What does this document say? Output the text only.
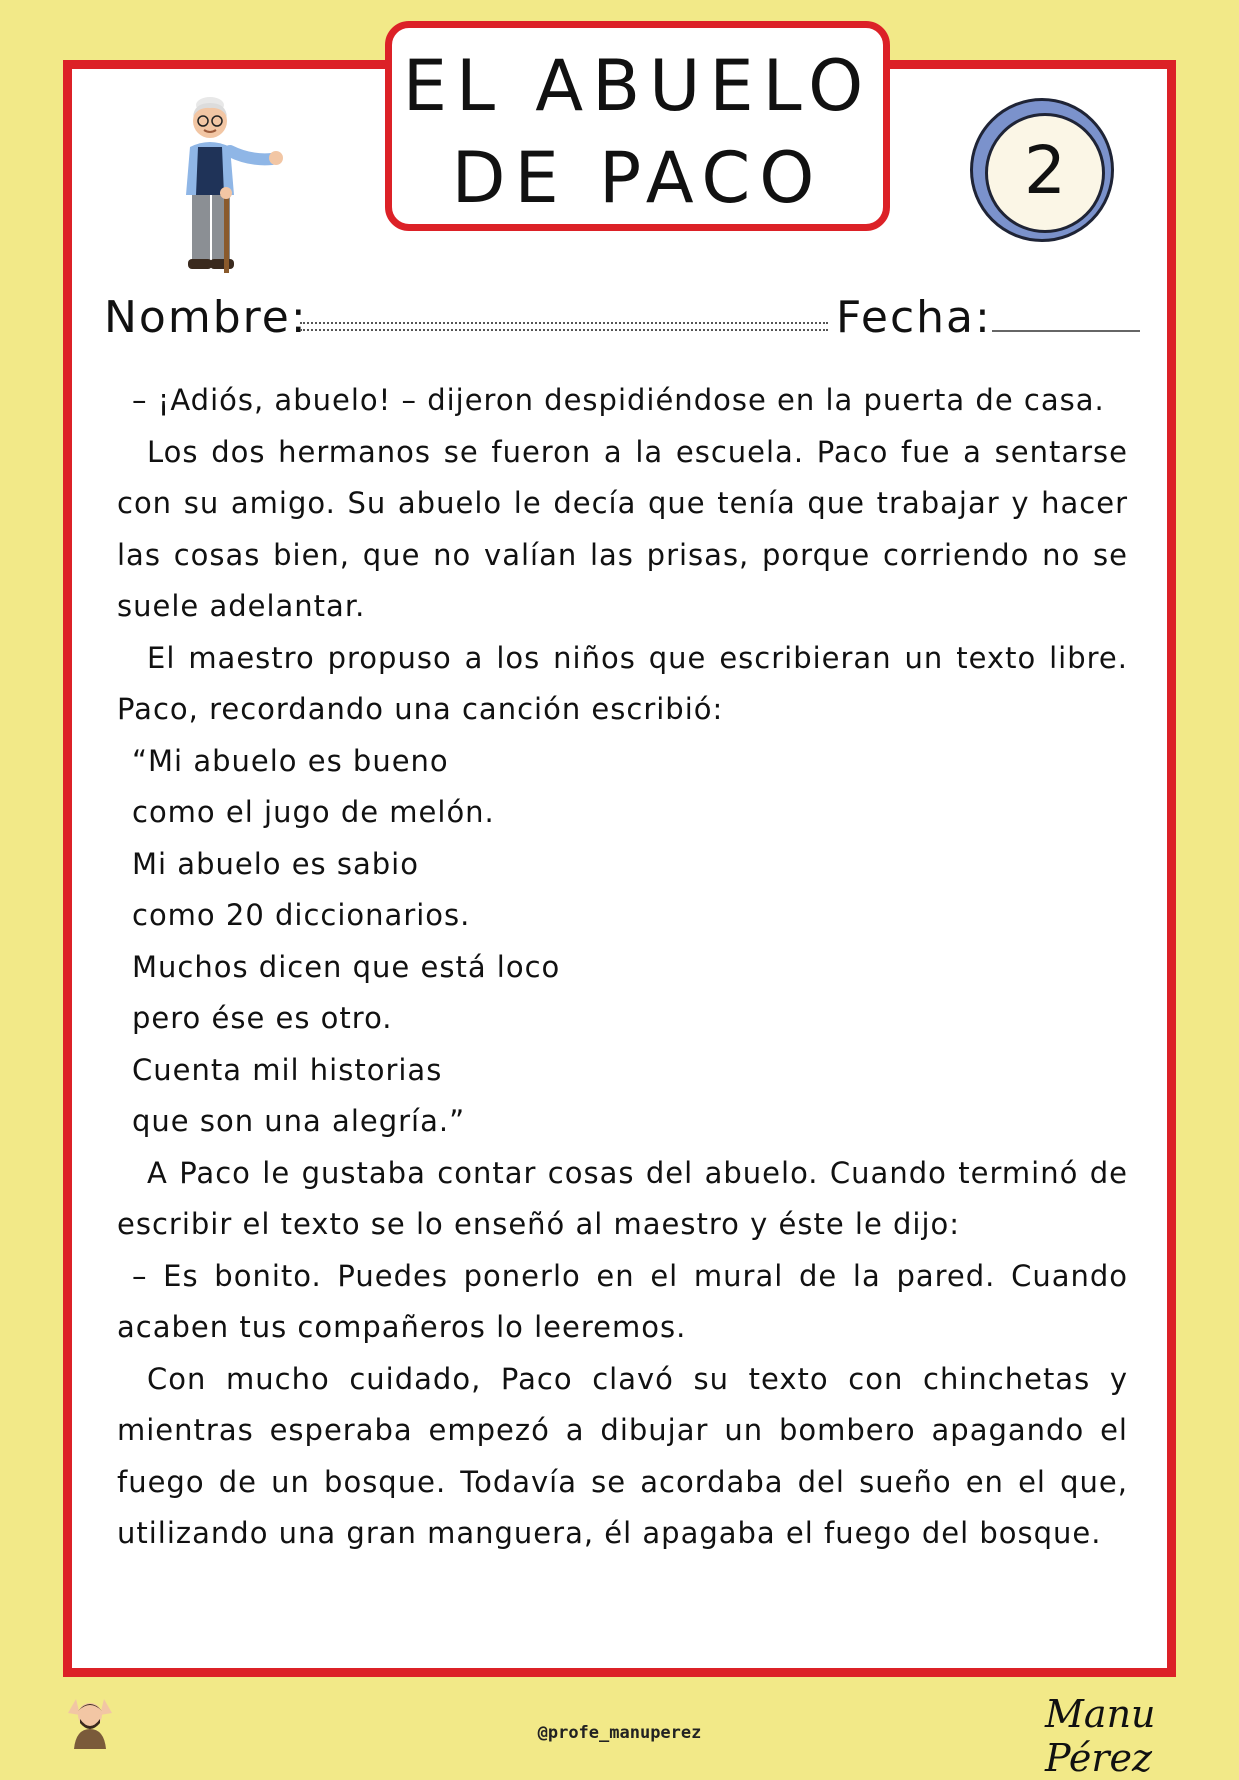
EL ABUELO
DE PACO	2
Nombre:	Fecha:

– ¡Adiós, abuelo! – dijeron despidiéndose en la puerta de casa.

Los dos hermanos se fueron a la escuela. Paco fue a sentarse con su amigo. Su abuelo le decía que tenía que trabajar y hacer las cosas bien, que no valían las prisas, porque corriendo no se suele adelantar.

El maestro propuso a los niños que escribieran un texto libre. Paco, recordando una canción escribió:

“Mi abuelo es bueno
como el jugo de melón.
Mi abuelo es sabio
como 20 diccionarios.
Muchos dicen que está loco
pero ése es otro.
Cuenta mil historias
que son una alegría.”

A Paco le gustaba contar cosas del abuelo. Cuando terminó de escribir el texto se lo enseñó al maestro y éste le dijo:

– Es bonito. Puedes ponerlo en el mural de la pared. Cuando acaben tus compañeros lo leeremos.

Con mucho cuidado, Paco clavó su texto con chinchetas y mientras esperaba empezó a dibujar un bombero apagando el fuego de un bosque. Todavía se acordaba del sueño en el que, utilizando una gran manguera, él apagaba el fuego del bosque.

@profe_manuperez	Manu Pérez
